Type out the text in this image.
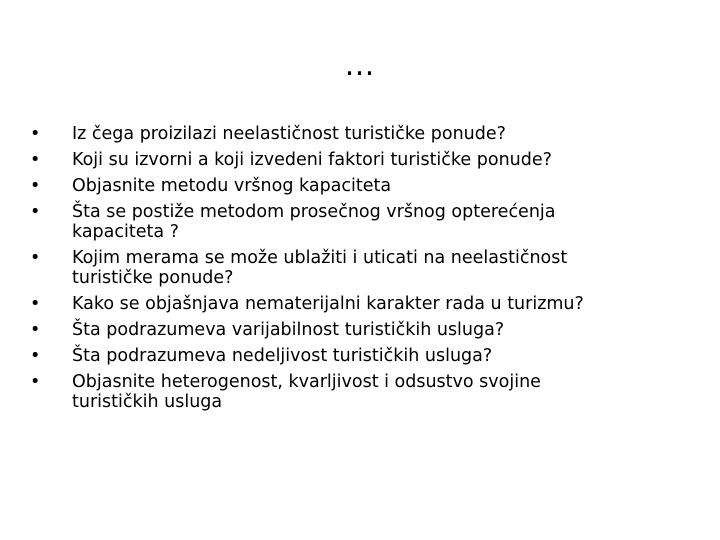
…
• Iz čega proizilazi neelastičnost turističke ponude?
• Koji su izvorni a koji izvedeni faktori turističke ponude?
• Objasnite metodu vršnog kapaciteta
• Šta se postiže metodom prosečnog vršnog opterećenja
kapaciteta ?
• Kojim merama se može ublažiti i uticati na neelastičnost
turističke ponude?
• Kako se objašnjava nematerijalni karakter rada u turizmu?
• Šta podrazumeva varijabilnost turističkih usluga?
• Šta podrazumeva nedeljivost turističkih usluga?
• Objasnite heterogenost, kvarljivost i odsustvo svojine
turističkih usluga
